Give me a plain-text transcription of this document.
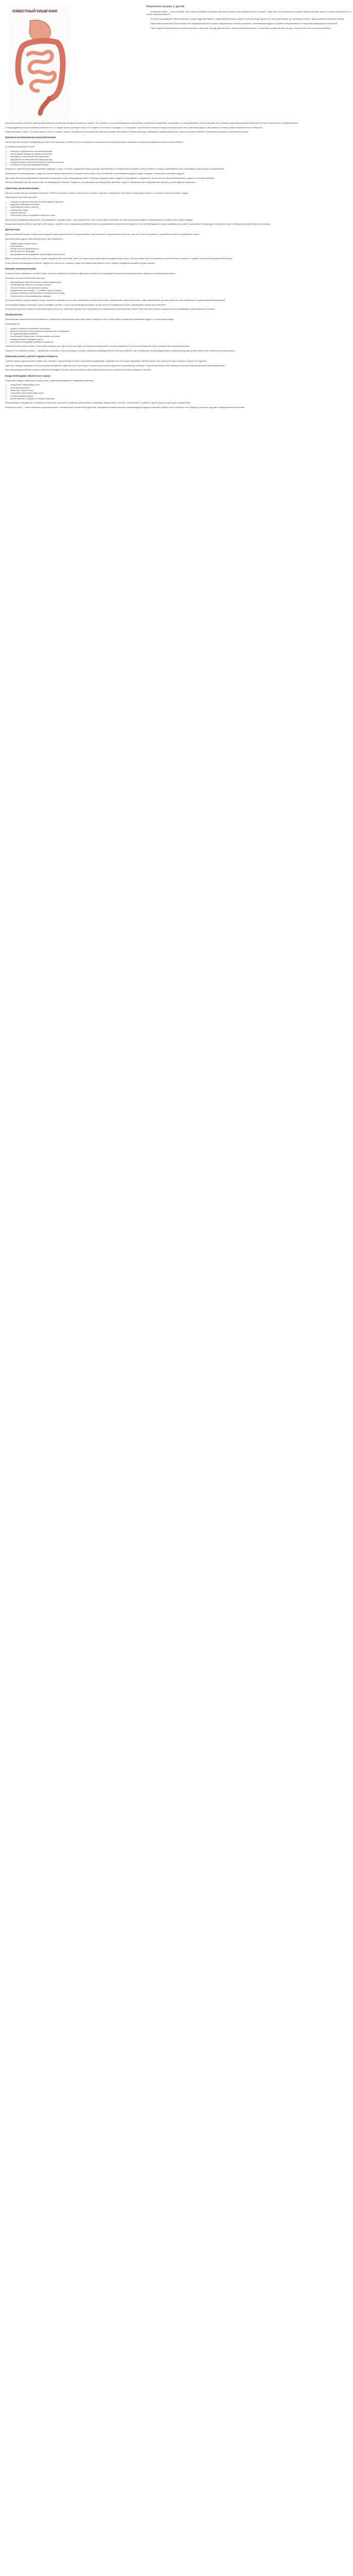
ИЗВЕСТНЫЙ КИШЕЧНИК
Кишечная колика у детей

Кишечная колика — это состояние, при котором у ребёнка возникают приступы резкой схваткообразной боли в животе. Чаще всего она проявляется у детей первых месяцев жизни, но может встречаться и в более старшем возрасте.

Колика сопровождается беспокойством, плачем, вздутием живота, подтягиванием ножек к животу. Приступ может длиться от нескольких минут до нескольких часов и чаще возникает в вечернее время.

Причинами колики могут быть незрелость пищеварительной системы, неправильная техника кормления, заглатывание воздуха, пищевая непереносимость и нарушения микрофлоры кишечника.

Ниже подробно рассмотрены основные причины, симптомы, методы диагностики и лечения кишечной колики, а также меры профилактики, которые помогут облегчить состояние ребёнка.

Кишечная колика относится к функциональным расстройствам желудочно-кишечного тракта. Это означает, что при обследовании органических изменений в кишечнике, как правило, не обнаруживается. Боль возникает из-за спазма гладкой мускулатуры кишечной стенки и повышенного газообразования.

У новорождённых колики появляются обычно на 2–3 неделе жизни, достигают пика к 6–8 неделе и постепенно проходят к 3–4 месяцам. У детей более старшего возраста колика может быть симптомом других заболеваний, поэтому требует внимательного отношения.

Родителям важно знать, что колика сама по себе не опасна, однако частый плач и беспокойство ребёнка утомляют всю семью. Правильный уход, соблюдение режима кормления и простые приёмы помогают значительно уменьшить проявления колики.

Причины возникновения кишечной колики

Точная причина колики у младенцев до конца не установлена. Считается, что она связана с сочетанием нескольких факторов, влияющих на работу пищеварительной системы ребёнка.

К основным причинам относят:

• незрелость ферментных систем кишечника;
• заглатывание воздуха во время кормления;
• перекорм и слишком частые кормления;
• нарушение состава кишечной микрофлоры;
• непереносимость лактозы или белка коровьего молока;
• особенности питания кормящей матери.

Незрелость нервной регуляции кишечника приводит к тому, что волна сокращений мышц проходит неравномерно. В результате возникают участки спазма, в которых скапливаются газы, растягивая стенку кишки и вызывая боль.

Неправильное прикладывание к груди или использование бутылочки с большим отверстием соски способствует заглатыванию воздуха. Воздух попадает в кишечник и усиливает вздутие.

При искусственном вскармливании причиной колики может стать неподходящая смесь. Переход на другую смесь следует согласовывать с педиатром, так как частая смена питания может ухудшить состояние ребёнка.

Питание кормящей матери также влияет на пищеварение малыша. Продукты, усиливающие газообразование (бобовые, капуста, свежая выпечка, газированные напитки), рекомендуется ограничить.

Симптомы кишечной колики

Приступ колики обычно начинается внезапно. Ребёнок начинает громко и пронзительно плакать, краснеет, напрягается. Плач может продолжаться долго, и успокоить малыша бывает трудно.

Характерные признаки приступа:

• громкий, продолжительный плач без видимой причины;
• вздутый и напряжённый живот;
• подтягивание ножек к животу;
• покраснение лица;
• сжатые кулачки;
• облегчение после отхождения газов или стула.

Для колики у младенцев характерно так называемое «правило трёх»: плач длится более трёх часов в день, возникает не реже трёх дней в неделю и продолжается не менее трёх недель подряд.

Между приступами ребёнок чувствует себя хорошо, активно сосёт, нормально прибавляет в весе и развивается соответственно возрасту. Если же наблюдаются плохая прибавка веса, рвота, повышение температуры или кровь в стуле, необходимо срочно обратиться к врачу.

Диагностика

Диагноз кишечной колики ставится на основании характерных жалоб и осмотра ребёнка. Врач выясняет, когда начались приступы, как часто они повторяются, как ребёнок питается и прибавляет в весе.

Для исключения других заболеваний могут быть назначены:

• общий анализ крови и мочи;
• копрограмма;
• анализ кала на дисбактериоз;
• анализ кала на углеводы;
• ультразвуковое исследование органов брюшной полости.

Важно отличать кишечную колику от острых хирургических состояний, таких как инвагинация кишечника или ущемлённая грыжа. Эти состояния также проявляются сильной болью и плачем, но требуют экстренной медицинской помощи.

Если приступ сопровождается рвотой, бледностью, вялостью, отказом от еды или появлением крови в стуле, следует немедленно вызвать скорую помощь.

Лечение кишечной колики

Лечение колики направлено на облегчение состояния ребёнка и устранение факторов, которые её провоцируют. Большинство методов можно применять в домашних условиях.

Основные способы облегчения приступа:

• выкладывание ребёнка на живот перед кормлением;
• лёгкий массаж живота по часовой стрелке;
• тёплая пелёнка, приложенная к животу;
• упражнение «велосипед» — сгибание ножек к животу;
• ношение ребёнка в вертикальном положении после еды;
• тёплая ванна с успокаивающими травами.

Из лекарственных средств педиатр может назначить препараты на основе симетикона, которые уменьшают образование газов в кишечнике. Также применяются детские укропные чаи и пробиотики, нормализующие микрофлору.

Газоотводную трубку используют только в крайних случаях и строго по рекомендации врача, так как частое её применение может травмировать слизистую кишечника.

Если причиной колики является лактазная недостаточность, назначают ферментные препараты или специальные низколактозные смеси. При аллергии на белок коровьего молока подбирают гипоаллергенное питание.

Профилактика

Профилактика кишечной колики начинается с правильной организации кормления. Важно следить за тем, чтобы ребёнок правильно захватывал грудь и не заглатывал воздух.

Рекомендуется:

• кормить ребёнка в спокойной обстановке;
• держать малыша после кормления вертикально «столбиком»;
• не перекармливать ребёнка;
• использовать бутылочки с антиколиковой системой;
• кормящей маме соблюдать диету;
• регулярно выкладывать ребёнка на животик.

Спокойная обстановка в семье также играет важную роль. Дети чутко реагируют на настроение родителей, поэтому тревожность и усталость взрослых могут усиливать беспокойство малыша.

Помните, что кишечная колика — временное состояние, которое проходит по мере созревания пищеварительной системы ребёнка. При соблюдении рекомендаций врача и правильном уходе проявления колики значительно уменьшаются.

Кишечная колика у детей старшего возраста

У детей старше года кишечная колика часто связана с нарушениями питания, кишечными инфекциями, запорами или глистными инвазиями. Ребёнок может сам указать на боль в животе и описать её характер.

Приступы нередко возникают после употребления жирной, жареной или острой пищи, большого количества сладостей и газированных напитков. Также колика может быть вызвана стрессом и эмоциональным перенапряжением.

При повторяющихся болях в животе ребёнка необходимо показать гастроэнтерологу для выявления причины и назначения соответствующего лечения.

Когда необходимо обратиться к врачу

Родителям следует обратиться к врачу, если у ребёнка наблюдаются следующие симптомы:

• повышение температуры тела;
• многократная рвота;
• кровь или слизь в стуле;
• отсутствие стула более двух суток;
• плохая прибавка в весе;
• резкая вялость и бледность кожных покровов.

Своевременное обращение к специалисту позволяет исключить серьёзные заболевания и подобрать эффективное лечение. Самолечение, особенно у детей первого года жизни, недопустимо.

Кишечная колика — частое явление в детском возрасте. Внимательное отношение родителей, соблюдение режима питания и рекомендаций педиатра помогают ребёнку легче пережить этот период и сохранить здоровье пищеварительной системы.
